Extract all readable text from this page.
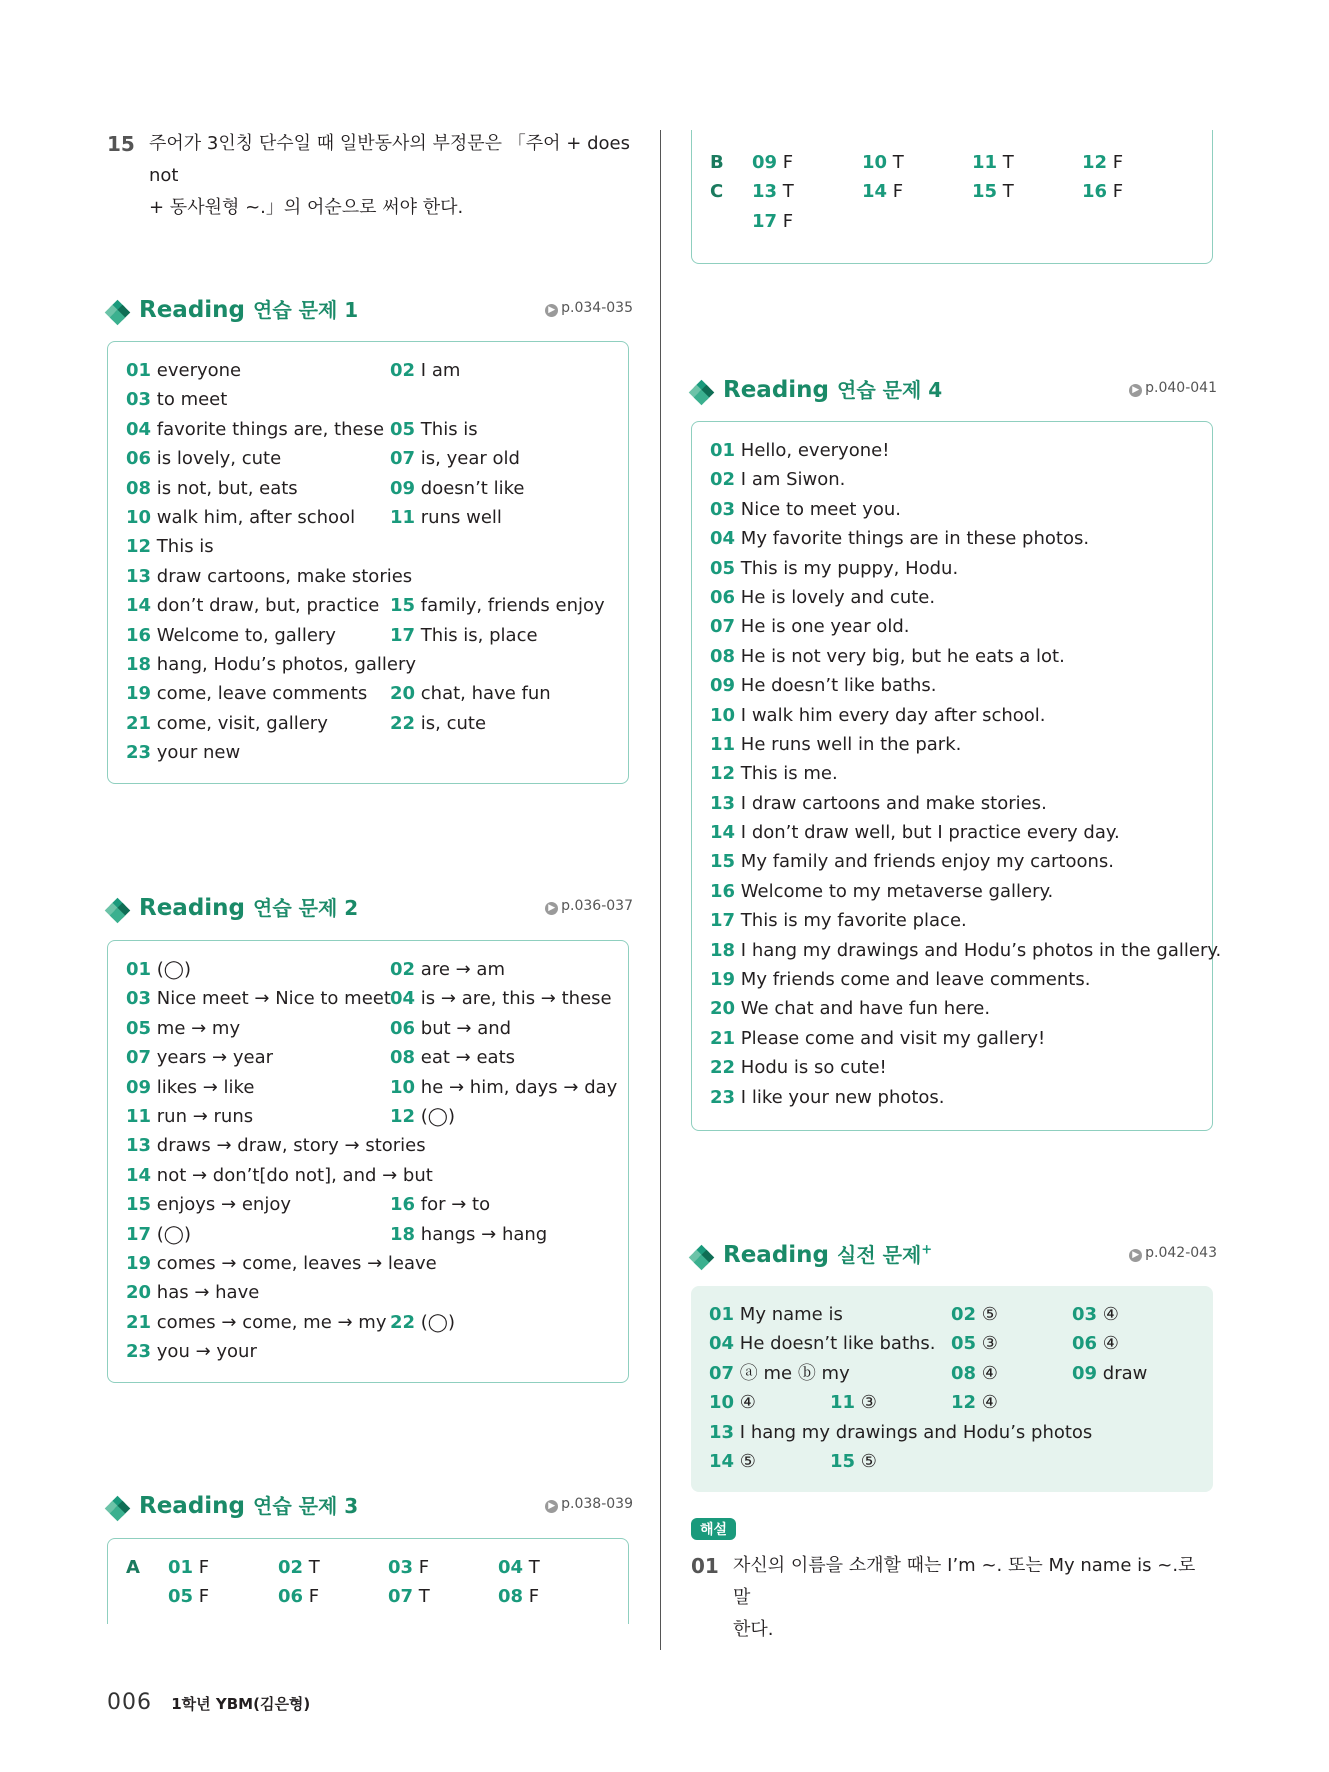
15 주어가 3인칭 단수일 때 일반동사의 부정문은 「주어 + does not
+ 동사원형 ~.」의 어순으로 써야 한다.
Reading 연습 문제 1	▶ p.034-035
01 everyone	02 I am
03 to meet
04 favorite things are, these 05 This is
06 is lovely, cute	07 is, year old
08 is not, but, eats	09 doesn’t like
10 walk him, after school 11 runs well
12 This is
13 draw cartoons, make stories
14 don’t draw, but, practice 15 family, friends enjoy
16 Welcome to, gallery	17 This is, place
18 hang, Hodu’s photos, gallery
19 come, leave comments 20 chat, have fun
21 come, visit, gallery	22 is, cute
23 your new
Reading 연습 문제 2	▶ p.036-037
01 (◯)	02 are → am
03 Nice meet → Nice to meet 04 is → are, this → these
05 me → my	06 but → and
07 years → year	08 eat → eats
09 likes → like	10 he → him, days → day
11 run → runs	12 (◯)
13 draws → draw, story → stories
14 not → don’t[do not], and → but
15 enjoys → enjoy	16 for → to
17 (◯)	18 hangs → hang
19 comes → come, leaves → leave
20 has → have
21 comes → come, me → my 22 (◯)
23 you → your
Reading 연습 문제 3	▶ p.038-039
A 01 F	02 T	03 F	04 T
05 F	06 F	07 T	08 F
B 09 F	10 T	11 T	12 F
C 13 T	14 F	15 T	16 F
17 F
Reading 연습 문제 4	▶ p.040-041
01 Hello, everyone!
02 I am Siwon.
03 Nice to meet you.
04 My favorite things are in these photos.
05 This is my puppy, Hodu.
06 He is lovely and cute.
07 He is one year old.
08 He is not very big, but he eats a lot.
09 He doesn’t like baths.
10 I walk him every day after school.
11 He runs well in the park.
12 This is me.
13 I draw cartoons and make stories.
14 I don’t draw well, but I practice every day.
15 My family and friends enjoy my cartoons.
16 Welcome to my metaverse gallery.
17 This is my favorite place.
18 I hang my drawings and Hodu’s photos in the gallery.
19 My friends come and leave comments.
20 We chat and have fun here.
21 Please come and visit my gallery!
22 Hodu is so cute!
23 I like your new photos.
Reading 실전 문제+	▶ p.042-043
01 My name is	02 ⑤	03 ④
04 He doesn’t like baths. 05 ③	06 ④
07 ⓐ me ⓑ my	08 ④	09 draw
10 ④	11 ③	12 ④
13 I hang my drawings and Hodu’s photos
14 ⑤	15 ⑤
해설
01 자신의 이름을 소개할 때는 I’m ~. 또는 My name is ~.로 말
한다.
006 1학년 YBM(김은형)
